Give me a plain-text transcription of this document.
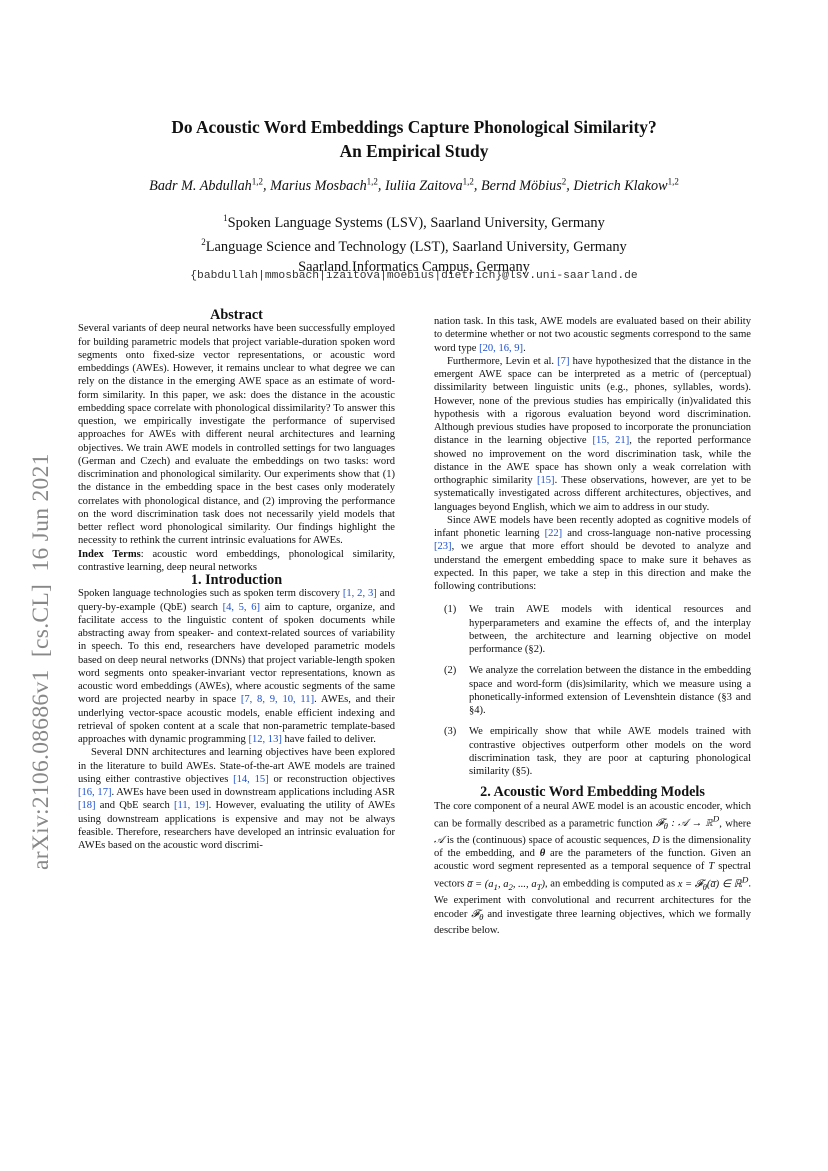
arXiv:2106.08686v1  [cs.CL]  16 Jun 2021
Do Acoustic Word Embeddings Capture Phonological Similarity?
An Empirical Study
Badr M. Abdullah$^{1,2}$, Marius Mosbach$^{1,2}$, Iuliia Zaitova$^{1,2}$, Bernd Möbius$^2$, Dietrich Klakow$^{1,2}$
$^1$Spoken Language Systems (LSV), Saarland University, Germany
$^2$Language Science and Technology (LST), Saarland University, Germany
Saarland Informatics Campus, Germany
{babdullah|mmosbach|izaitova|moebius|dietrich}@lsv.uni-saarland.de

Abstract

Several variants of deep neural networks have been successfully employed for building parametric models that project variable-duration spoken word segments onto fixed-size vector representations, or acoustic word embeddings (AWEs). However, it remains unclear to what degree we can rely on the distance in the emerging AWE space as an estimate of word-form similarity. In this paper, we ask: does the distance in the acoustic embedding space correlate with phonological dissimilarity? To answer this question, we empirically investigate the performance of supervised approaches for AWEs with different neural architectures and learning objectives. We train AWE models in controlled settings for two languages (German and Czech) and evaluate the embeddings on two tasks: word discrimination and phonological similarity. Our experiments show that (1) the distance in the embedding space in the best cases only moderately correlates with phonological distance, and (2) improving the performance on the word discrimination task does not necessarily yield models that better reflect word phonological similarity. Our findings highlight the necessity to rethink the current intrinsic evaluations for AWEs.

Index Terms: acoustic word embeddings, phonological similarity, contrastive learning, deep neural networks

1. Introduction

Spoken language technologies such as spoken term discovery [1, 2, 3] and query-by-example (QbE) search [4, 5, 6] aim to capture, organize, and facilitate access to the linguistic content of spoken documents while abstracting away from speaker- and context-related sources of variability in speech. To this end, researchers have developed parametric models based on deep neural networks (DNNs) that project variable-length spoken word segments onto speaker-invariant vector representations, known as acoustic word embeddings (AWEs), where acoustic segments of the same word are projected nearby in space [7, 8, 9, 10, 11]. AWEs, and their underlying vector-space acoustic models, enable efficient indexing and retrieval of spoken content at a scale that non-parametric template-based approaches with dynamic programming [12, 13] have failed to deliver.

Several DNN architectures and learning objectives have been explored in the literature to build AWEs. State-of-the-art AWE models are trained using either contrastive objectives [14, 15] or reconstruction objectives [16, 17]. AWEs have been used in downstream applications including ASR [18] and QbE search [11, 19]. However, evaluating the utility of AWEs using downstream applications is expensive and may not be always feasible. Therefore, researchers have developed an intrinsic evaluation for AWEs based on the acoustic word discrimi-

nation task. In this task, AWE models are evaluated based on their ability to determine whether or not two acoustic segments correspond to the same word type [20, 16, 9].

Furthermore, Levin et al. [7] have hypothesized that the distance in the emergent AWE space can be interpreted as a metric of (perceptual) dissimilarity between linguistic units (e.g., phones, syllables, words). However, none of the previous studies has empirically (in)validated this hypothesis with a rigorous evaluation beyond word discrimination. Although previous studies have proposed to incorporate the pronunciation distance in the learning objective [15, 21], the reported performance showed no improvement on the word discrimination task, while the distance in the AWE space has shown only a weak correlation with orthographic similarity [15]. These observations, however, are yet to be systematically investigated across different architectures, objectives, and languages beyond English, which we aim to address in our study.

Since AWE models have been recently adopted as cognitive models of infant phonetic learning [22] and cross-language non-native processing [23], we argue that more effort should be devoted to analyze and understand the emergent embedding space to make sure it behaves as expected. In this paper, we take a step in this direction and make the following contributions:

(1)	We train AWE models with identical resources and hyperparameters and examine the effects of, and the interplay between, the architecture and learning objective on model performance (§2).
(2)	We analyze the correlation between the distance in the embedding space and word-form (dis)similarity, which we measure using a phonetically-informed extension of Levenshtein distance (§3 and §4).
(3)	We empirically show that while AWE models trained with contrastive objectives outperform other models on the word discrimination task, they are poor at capturing phonological similarity (§5).

2. Acoustic Word Embedding Models

The core component of a neural AWE model is an acoustic encoder, which can be formally described as a parametric function 𝓕$_\theta$ : 𝒜 → ℝ$^D$, where 𝒜 is the (continuous) space of acoustic sequences, D is the dimensionality of the embedding, and θ are the parameters of the function. Given an acoustic word segment represented as a temporal sequence of T spectral vectors a̅ = ($a_1$, $a_2$, ..., $a_T$), an embedding is computed as x = 𝓕$_\theta$(a̅) ∈ ℝ$^D$. We experiment with convolutional and recurrent architectures for the encoder 𝓕$_\theta$ and investigate three learning objectives, which we formally describe below.
